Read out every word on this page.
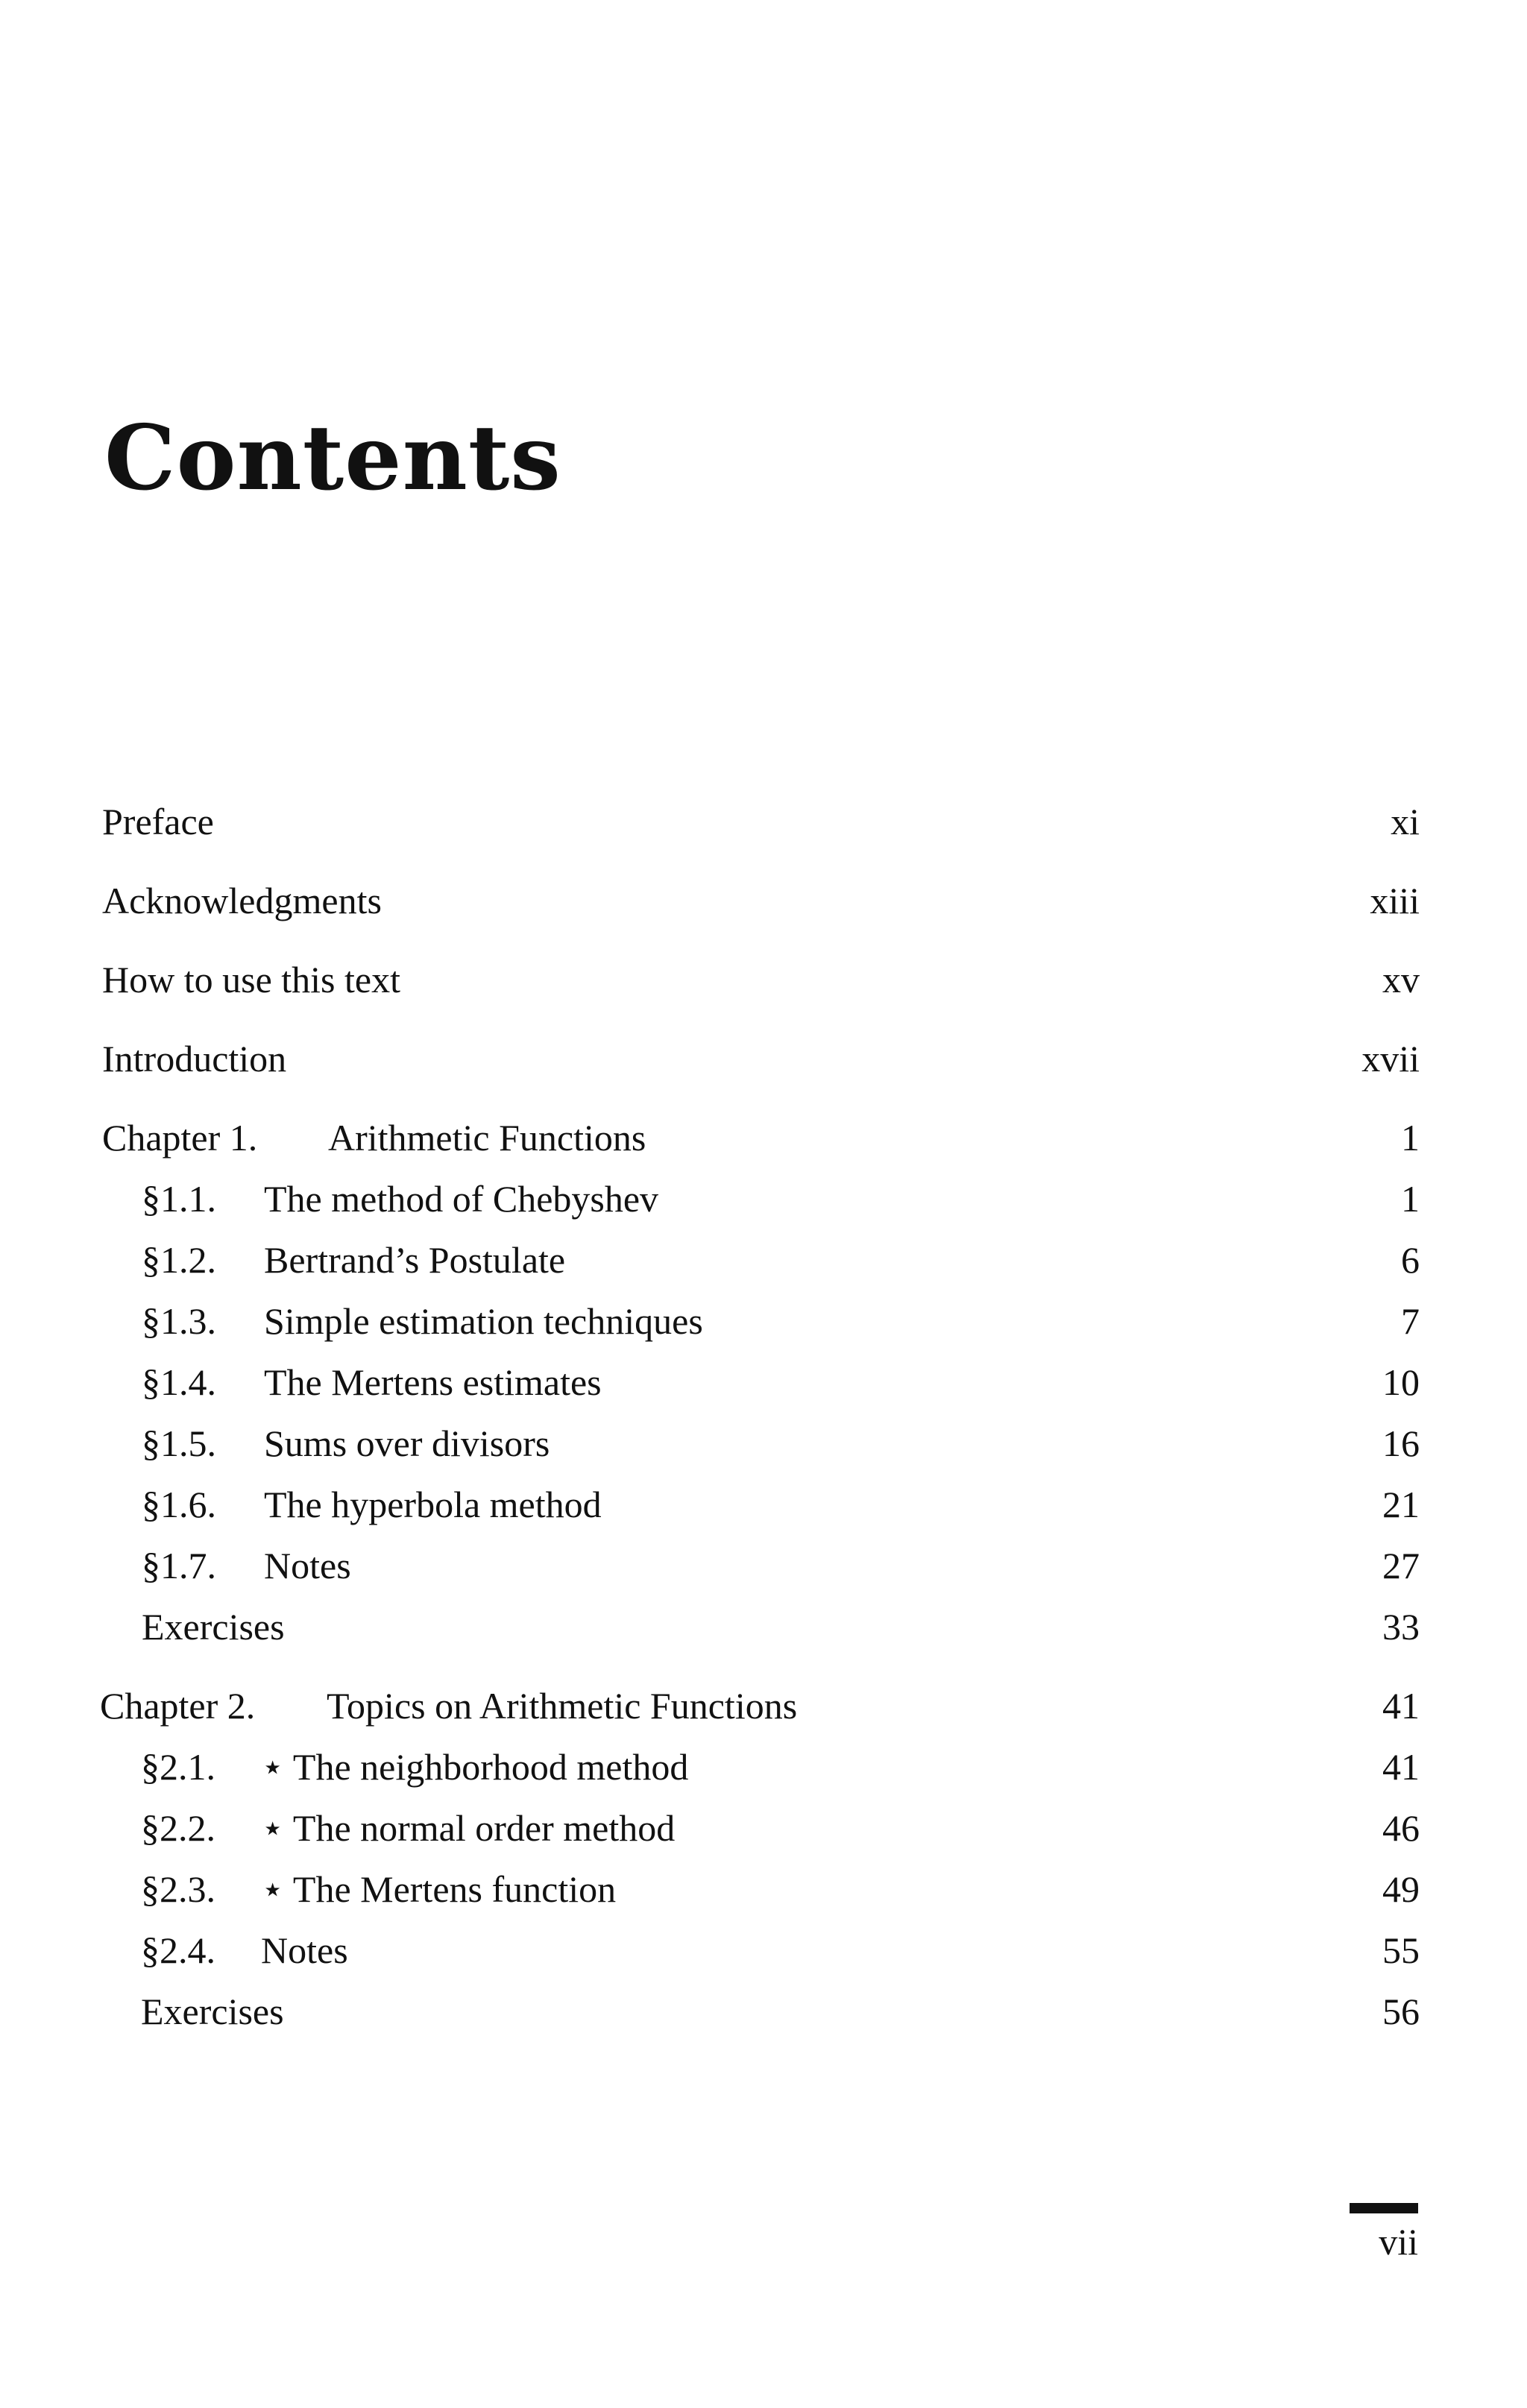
Contents
Preface	xi
Acknowledgments	xiii
How to use this text	xv
Introduction	xvii
Chapter 1. Arithmetic Functions	1
§1.1. The method of Chebyshev	1
§1.2. Bertrand’s Postulate	6
§1.3. Simple estimation techniques	7
§1.4. The Mertens estimates	10
§1.5. Sums over divisors	16
§1.6. The hyperbola method	21
§1.7. Notes	27
Exercises	33
Chapter 2. Topics on Arithmetic Functions	41
§2.1. ⋆ The neighborhood method	41
§2.2. ⋆ The normal order method	46
§2.3. ⋆ The Mertens function	49
§2.4. Notes	55
Exercises	56
vii
